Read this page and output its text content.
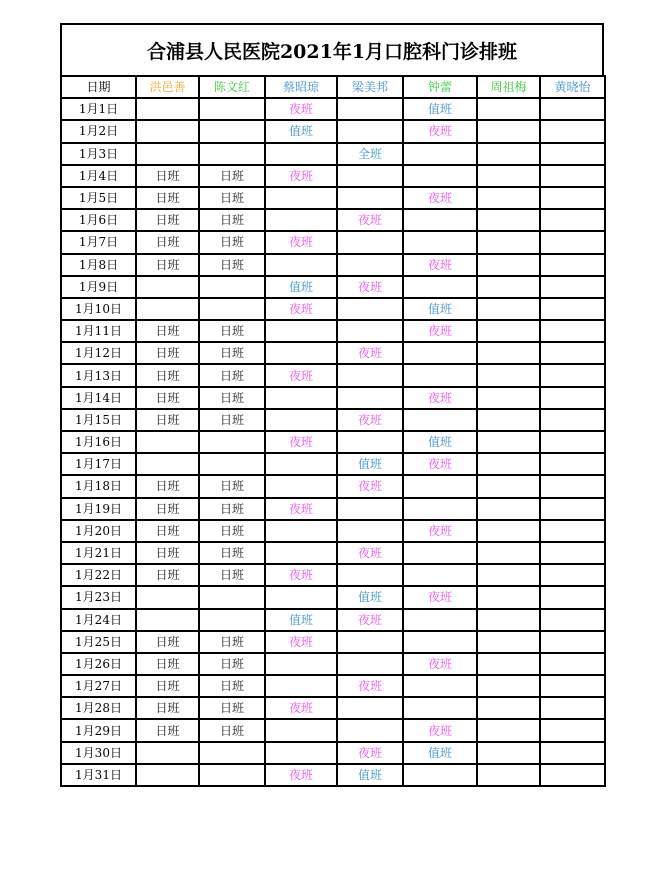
合浦县人民医院2021年1月口腔科门诊排班
日期	洪邑善	陈文红	蔡昭琼	梁美邦	钟蕾	周祖梅	黄晓怡
1月1日			夜班		值班		
1月2日			值班		夜班		
1月3日				全班			
1月4日	日班	日班	夜班				
1月5日	日班	日班			夜班		
1月6日	日班	日班		夜班			
1月7日	日班	日班	夜班				
1月8日	日班	日班			夜班		
1月9日			值班	夜班			
1月10日			夜班		值班		
1月11日	日班	日班			夜班		
1月12日	日班	日班		夜班			
1月13日	日班	日班	夜班				
1月14日	日班	日班			夜班		
1月15日	日班	日班		夜班			
1月16日			夜班		值班		
1月17日				值班	夜班		
1月18日	日班	日班		夜班			
1月19日	日班	日班	夜班				
1月20日	日班	日班			夜班		
1月21日	日班	日班		夜班			
1月22日	日班	日班	夜班				
1月23日				值班	夜班		
1月24日			值班	夜班			
1月25日	日班	日班	夜班				
1月26日	日班	日班			夜班		
1月27日	日班	日班		夜班			
1月28日	日班	日班	夜班				
1月29日	日班	日班			夜班		
1月30日				夜班	值班		
1月31日			夜班	值班			
